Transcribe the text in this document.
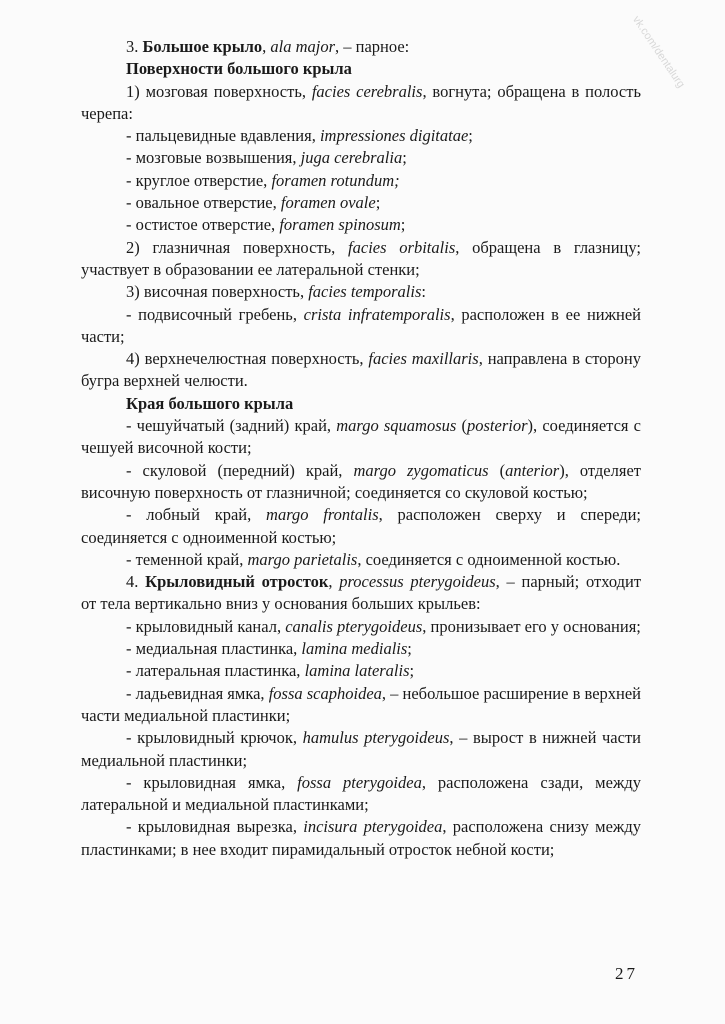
vk.com/dentalurg

3. Большое крыло, ala major, – парное:

Поверхности большого крыла

1) мозговая поверхность, facies cerebralis, вогнута; обращена в полость черепа:

- пальцевидные вдавления, impressiones digitatae;

- мозговые возвышения, juga cerebralia;

- круглое отверстие, foramen rotundum;

- овальное отверстие, foramen ovale;

- остистое отверстие, foramen spinosum;

2) глазничная поверхность, facies orbitalis, обращена в глазницу; участвует в образовании ее латеральной стенки;

3) височная поверхность, facies temporalis:

- подвисочный гребень, crista infratemporalis, расположен в ее нижней части;

4) верхнечелюстная поверхность, facies maxillaris, направлена в сторону бугра верхней челюсти.

Края большого крыла

- чешуйчатый (задний) край, margo squamosus (posterior), соединяется с чешуей височной кости;

- скуловой (передний) край, margo zygomaticus (anterior), отделяет височную поверхность от глазничной; соединяется со скуловой костью;

- лобный край, margo frontalis, расположен сверху и спереди; соединяется с одноименной костью;

- теменной край, margo parietalis, соединяется с одноименной костью.

4. Крыловидный отросток, processus pterygoideus, – парный; отходит от тела вертикально вниз у основания больших крыльев:

- крыловидный канал, canalis pterygoideus, пронизывает его у основания;

- медиальная пластинка, lamina medialis;

- латеральная пластинка, lamina lateralis;

- ладьевидная ямка, fossa scaphoidea, – небольшое расширение в верхней части медиальной пластинки;

- крыловидный крючок, hamulus pterygoideus, – вырост в нижней части медиальной пластинки;

- крыловидная ямка, fossa pterygoidea, расположена сзади, между латеральной и медиальной пластинками;

- крыловидная вырезка, incisura pterygoidea, расположена снизу между пластинками; в нее входит пирамидальный отросток небной кости;

27
